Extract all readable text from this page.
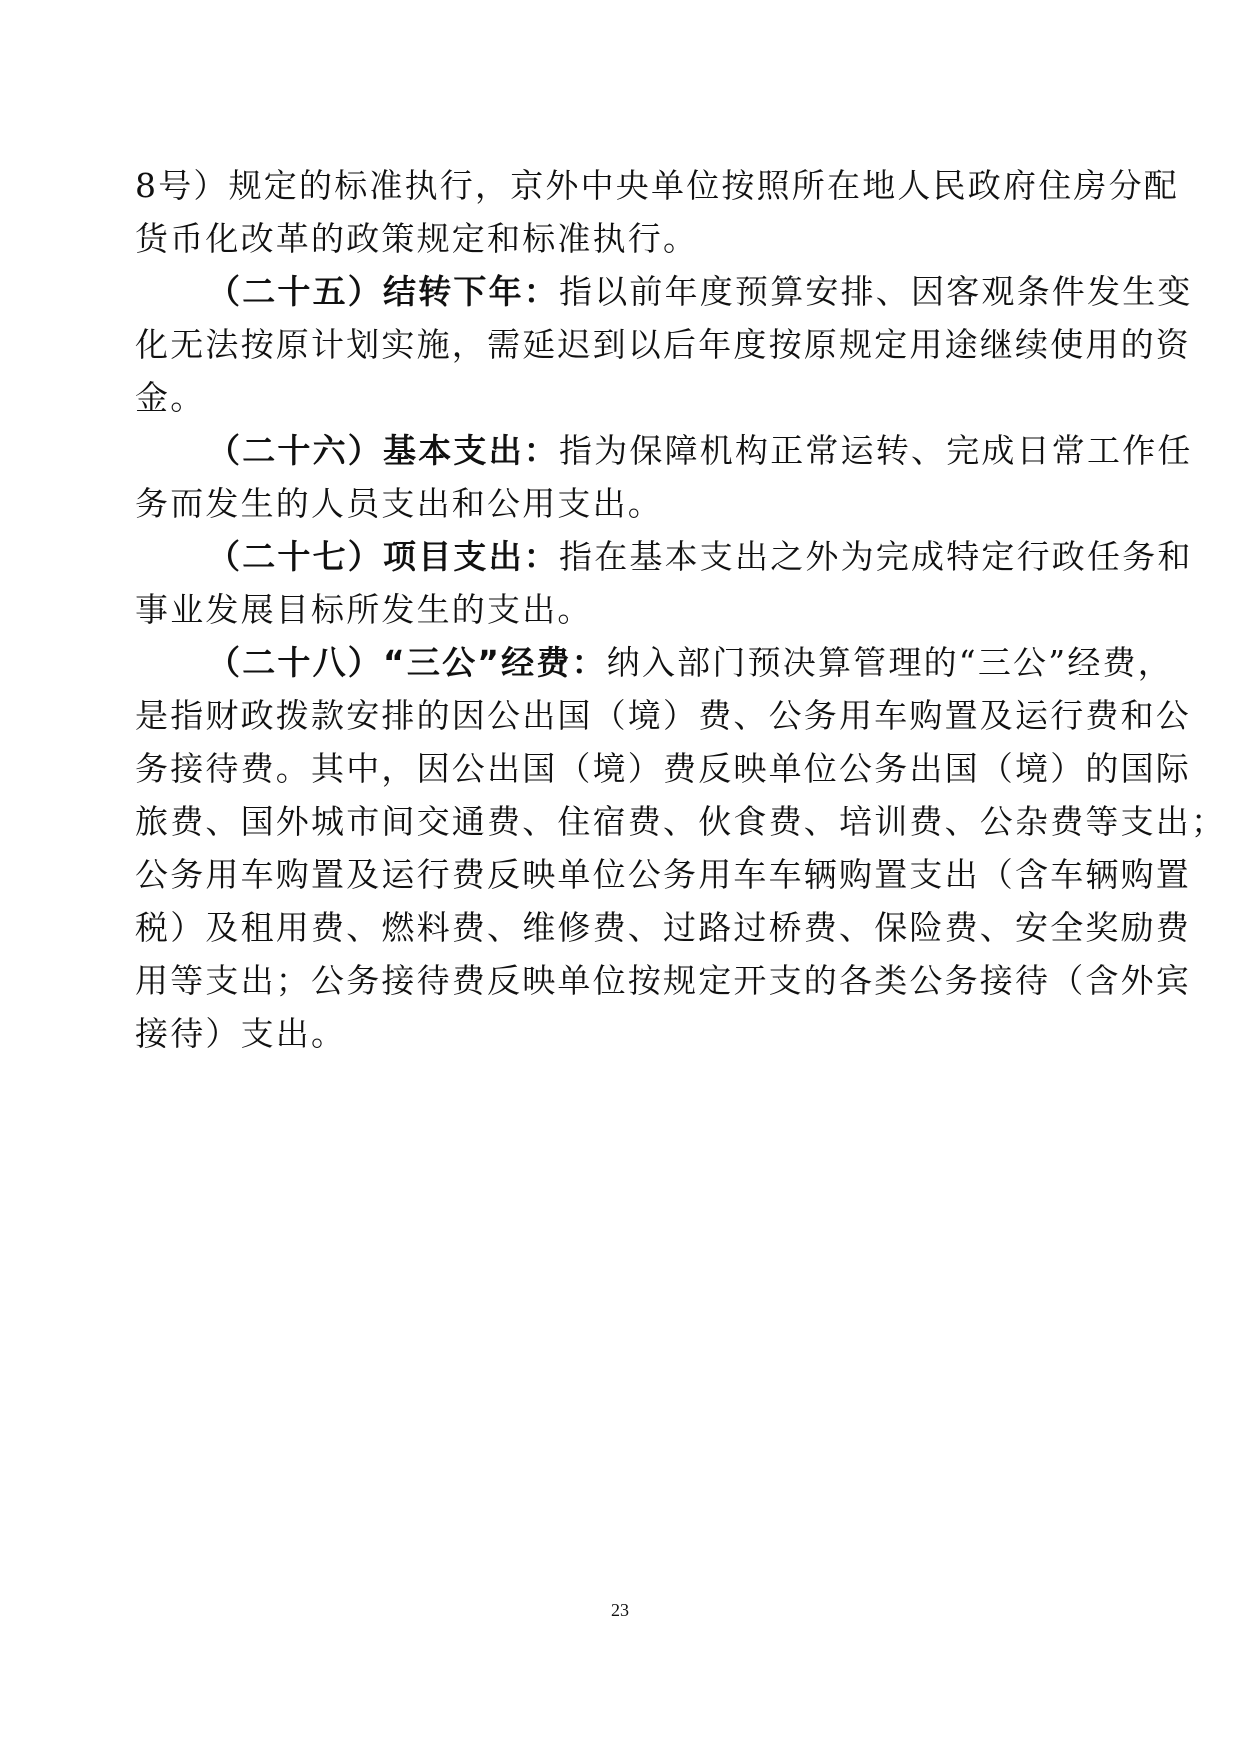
8号）规定的标准执行，京外中央单位按照所在地人民政府住房分配
货币化改革的政策规定和标准执行。
（二十五）结转下年：指以前年度预算安排、因客观条件发生变
化无法按原计划实施，需延迟到以后年度按原规定用途继续使用的资
金。
（二十六）基本支出：指为保障机构正常运转、完成日常工作任
务而发生的人员支出和公用支出。
（二十七）项目支出：指在基本支出之外为完成特定行政任务和
事业发展目标所发生的支出。
（二十八）“三公”经费：纳入部门预决算管理的“三公”经费，
是指财政拨款安排的因公出国（境）费、公务用车购置及运行费和公
务接待费。其中，因公出国（境）费反映单位公务出国（境）的国际
旅费、国外城市间交通费、住宿费、伙食费、培训费、公杂费等支出；
公务用车购置及运行费反映单位公务用车车辆购置支出（含车辆购置
税）及租用费、燃料费、维修费、过路过桥费、保险费、安全奖励费
用等支出；公务接待费反映单位按规定开支的各类公务接待（含外宾
接待）支出。
23
